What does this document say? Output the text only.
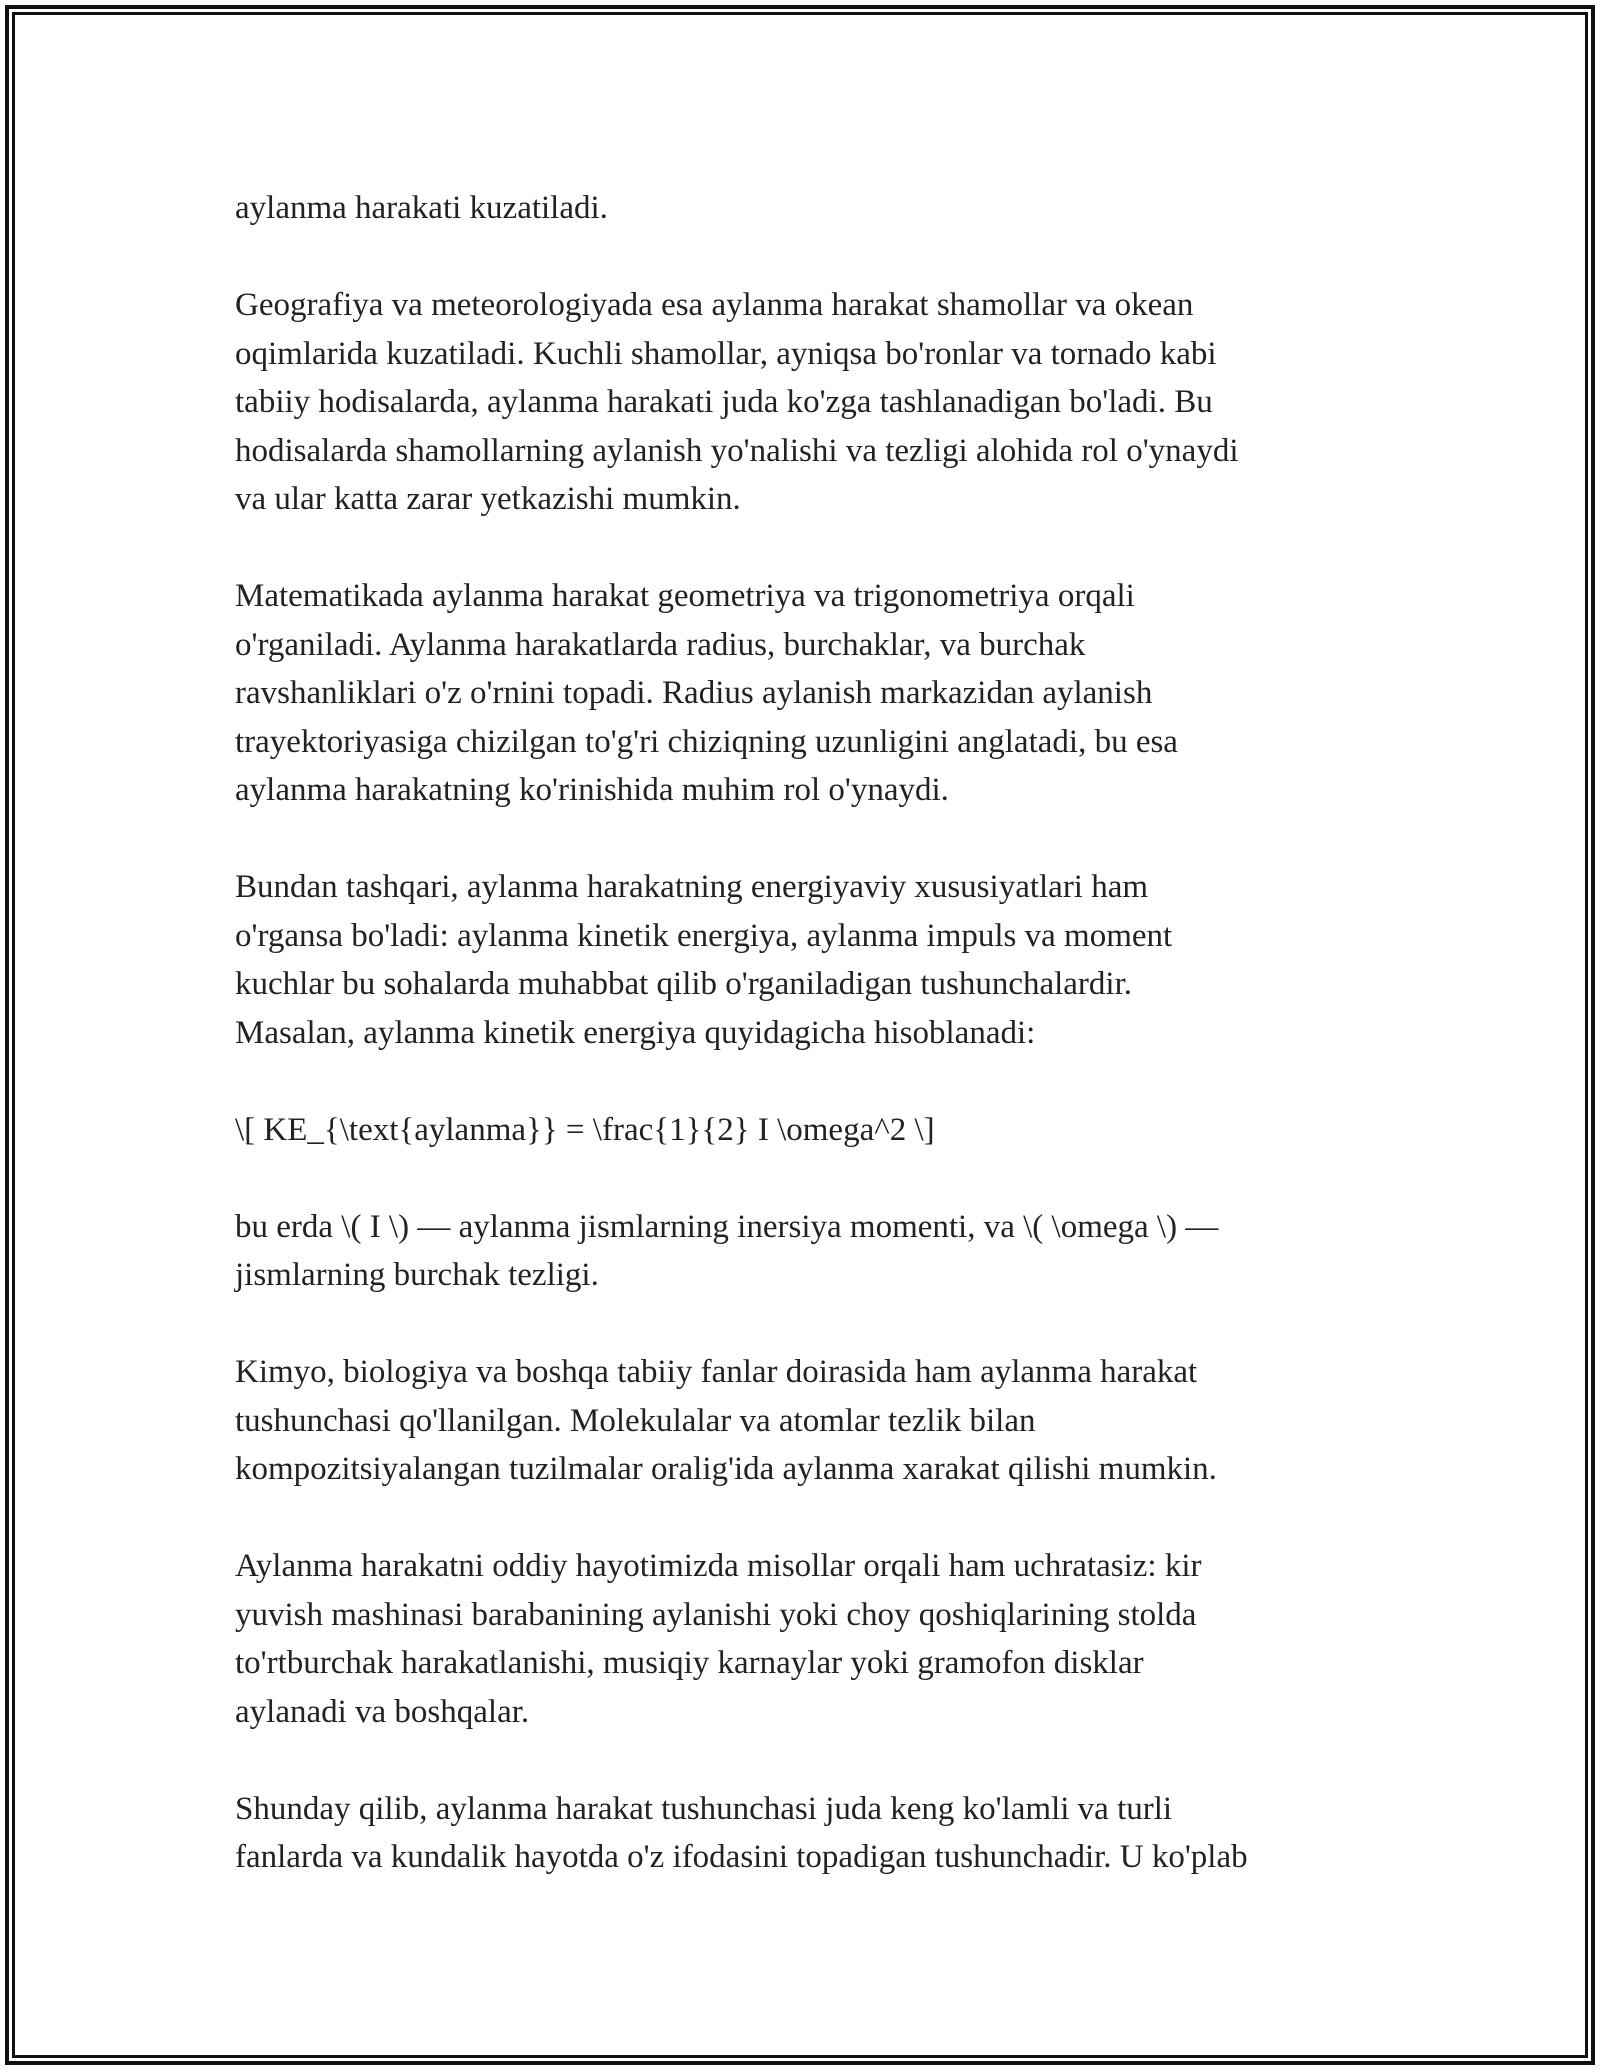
aylanma harakati kuzatiladi.

Geografiya va meteorologiyada esa aylanma harakat shamollar va okean
oqimlarida kuzatiladi. Kuchli shamollar, ayniqsa bo'ronlar va tornado kabi
tabiiy hodisalarda, aylanma harakati juda ko'zga tashlanadigan bo'ladi. Bu
hodisalarda shamollarning aylanish yo'nalishi va tezligi alohida rol o'ynaydi
va ular katta zarar yetkazishi mumkin.

Matematikada aylanma harakat geometriya va trigonometriya orqali
o'rganiladi. Aylanma harakatlarda radius, burchaklar, va burchak
ravshanliklari o'z o'rnini topadi. Radius aylanish markazidan aylanish
trayektoriyasiga chizilgan to'g'ri chiziqning uzunligini anglatadi, bu esa
aylanma harakatning ko'rinishida muhim rol o'ynaydi.

Bundan tashqari, aylanma harakatning energiyaviy xususiyatlari ham
o'rgansa bo'ladi: aylanma kinetik energiya, aylanma impuls va moment
kuchlar bu sohalarda muhabbat qilib o'rganiladigan tushunchalardir.
Masalan, aylanma kinetik energiya quyidagicha hisoblanadi:

\[ KE_{\text{aylanma}} = \frac{1}{2} I \omega^2 \]

bu erda \( I \) — aylanma jismlarning inersiya momenti, va \( \omega \) —
jismlarning burchak tezligi.

Kimyo, biologiya va boshqa tabiiy fanlar doirasida ham aylanma harakat
tushunchasi qo'llanilgan. Molekulalar va atomlar tezlik bilan
kompozitsiyalangan tuzilmalar oralig'ida aylanma xarakat qilishi mumkin.

Aylanma harakatni oddiy hayotimizda misollar orqali ham uchratasiz: kir
yuvish mashinasi barabanining aylanishi yoki choy qoshiqlarining stolda
to'rtburchak harakatlanishi, musiqiy karnaylar yoki gramofon disklar
aylanadi va boshqalar.

Shunday qilib, aylanma harakat tushunchasi juda keng ko'lamli va turli
fanlarda va kundalik hayotda o'z ifodasini topadigan tushunchadir. U ko'plab
